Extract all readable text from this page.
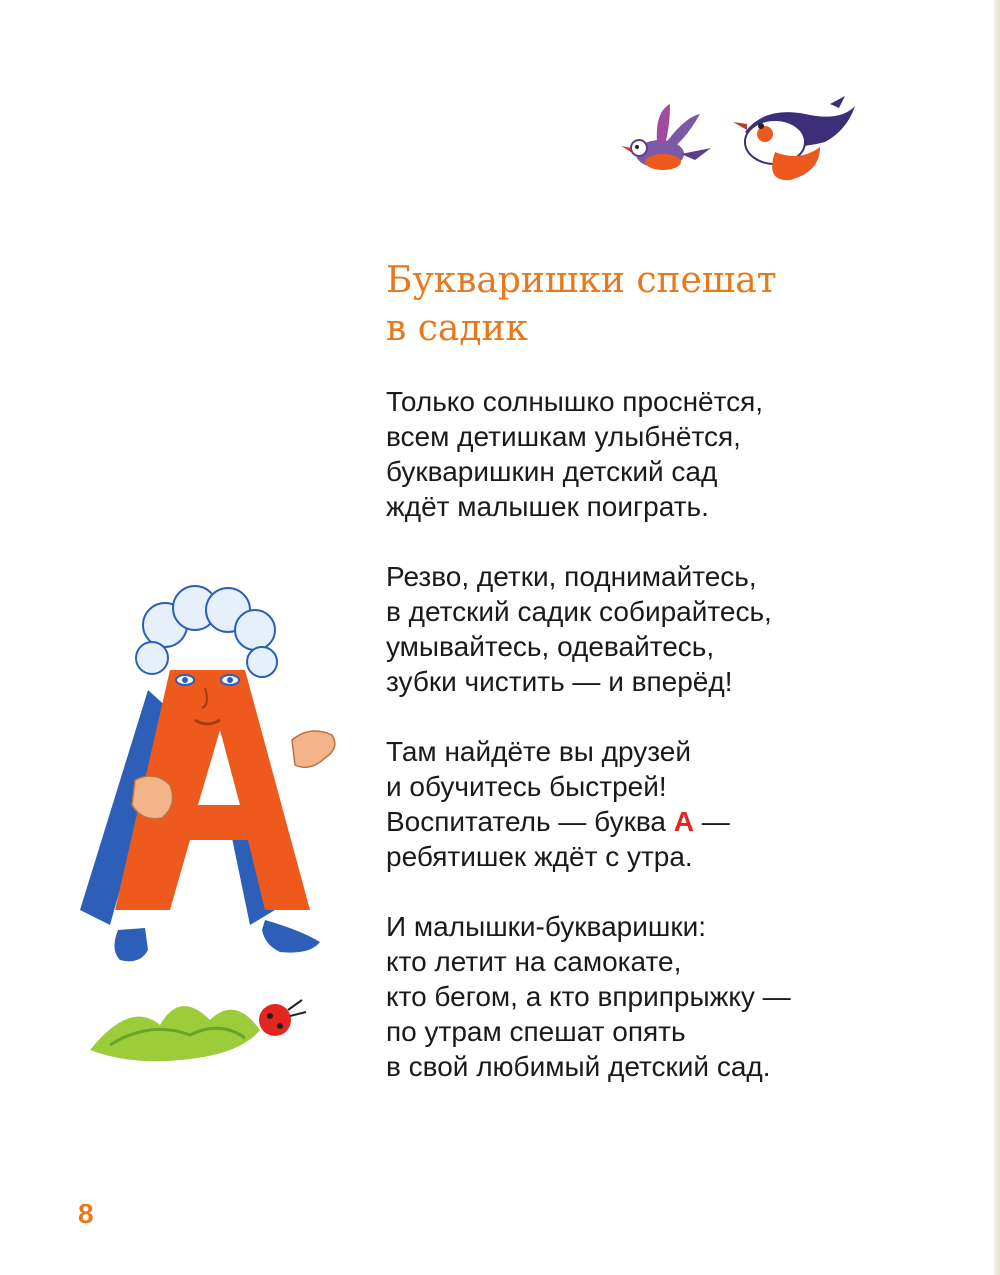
Букваришки спешат
в садик
Только солнышко проснётся,
всем детишкам улыбнётся,
букваришкин детский сад
ждёт малышек поиграть.
Резво, детки, поднимайтесь,
в детский садик собирайтесь,
умывайтесь, одевайтесь,
зубки чистить — и вперёд!
Там найдёте вы друзей
и обучитесь быстрей!
Воспитатель — буква А —
ребятишек ждёт с утра.
И малышки-букваришки:
кто летит на самокате,
кто бегом, а кто вприпрыжку —
по утрам спешат опять
в свой любимый детский сад.
8
